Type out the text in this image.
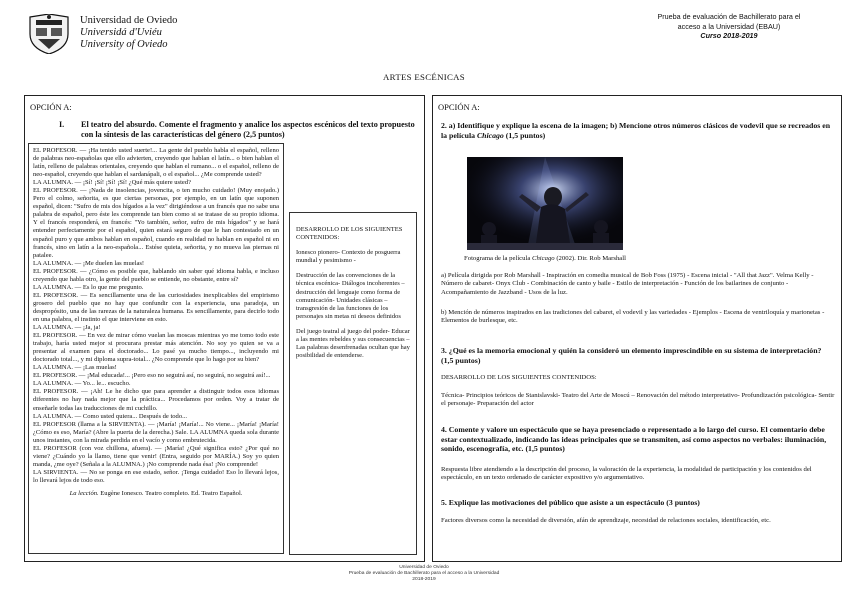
Universidad de Oviedo
Universidá d'Uviéu
University of Oviedo
Prueba de evaluación de Bachillerato para el
acceso a la Universidad (EBAU)
Curso 2018-2019
ARTES ESCÉNICAS
OPCIÓN A:
I. El teatro del absurdo. Comente el fragmento y analice los aspectos escénicos del texto propuesto con la síntesis de las características del género (2,5 puntos)

EL PROFESOR. — ¡Ha tenido usted suerte!... La gente del pueblo habla el español, relleno de palabras neo-españolas que ello advierten, creyendo que hablan el latín... o bien hablan el latín, relleno de palabras orientales, creyendo que hablan el rumano... o el español, relleno de neo-español, creyendo que hablan el sardanápali, o el español... ¿Me comprende usted?

LA ALUMNA. — ¡Sí! ¡Sí! ¡Sí! ¡Sí! ¿Qué más quiere usted?

EL PROFESOR. — ¡Nada de insolencias, jovencita, o ten mucho cuidado! (Muy enojado.) Pero el colmo, señorita, es que ciertas personas, por ejemplo, en un latín que suponen español, dicen: "Sufro de mis dos hígados a la vez" dirigiéndose a un francés que no sabe una palabra de español, pero éste les comprende tan bien como si se tratase de su propio idioma. Y el francés responderá, en francés: "Yo también, señor, sufro de mis hígados" y se hará entender perfectamente por el español, quien estará seguro de que le han contestado en un español puro y que ambos hablan en español, cuando en realidad no hablan en español ni en francés, sino en latín a la neo-española... Estése quieta, señorita, y no mueva las piernas ni patalee.

LA ALUMNA. — ¡Me duelen las muelas!

EL PROFESOR. — ¿Cómo es posible que, hablando sin saber qué idioma habla, e incluso creyendo que habla otro, la gente del pueblo se entiende, no obstante, entre sí?

LA ALUMNA. — Es lo que me pregunto.

EL PROFESOR. — Es sencillamente una de las curiosidades inexplicables del empirismo grosero del pueblo que no hay que confundir con la experiencia, una paradoja, un despropósito, una de las rarezas de la naturaleza humana. Es sencillamente, para decirlo todo en una palabra, el instinto el que interviene en esto.

LA ALUMNA. — ¡Ja, ja!

EL PROFESOR. — En vez de mirar cómo vuelan las moscas mientras yo me tomo todo este trabajo, haría usted mejor si procurara prestar más atención. No soy yo quien se va a presentar al examen para el doctorado... Lo pasé ya mucho tiempo..., incluyendo mi doctorado total..., y mi diploma supra-total... ¿No comprende que lo hago por su bien?

LA ALUMNA. — ¡Las muelas!

EL PROFESOR. — ¡Mal educada!... ¡Pero eso no seguirá así, no seguirá, no seguirá así!...

LA ALUMNA. — Yo... le... escucho.

EL PROFESOR. — ¡Ah! Le he dicho que para aprender a distinguir todos esos idiomas diferentes no hay nada mejor que la práctica... Procedamos por orden. Voy a tratar de enseñarle todas las traducciones de mi cuchillo.

LA ALUMNA. — Como usted quiera... Después de todo...

EL PROFESOR (llama a la SIRVIENTA). — ¡María! ¡María!... No viene... ¡María! ¡María! ¿Cómo es eso, María? (Abre la puerta de la derecha.) Sale. LA ALUMNA queda sola durante unos instantes, con la mirada perdida en el vacío y como embrutecida.

EL PROFESOR (con voz chillona, afuera). — ¡María! ¿Qué significa esto? ¿Por qué no viene? ¿Cuándo yo la llamo, tiene que venir! (Entra, seguido por MARÍA.) Soy yo quien manda, ¿me oye? (Señala a la ALUMNA.) ¡No comprende nada ésa! ¡No comprende!

LA SIRVIENTA. — No se ponga en ese estado, señor. ¡Tenga cuidado! Eso lo llevará lejos, lo llevará lejos de todo eso.

La lección. Eugène Ionesco. Teatro completo. Ed. Teatro Español.

DESARROLLO DE LOS SIGUIENTES CONTENIDOS:

Ionesco pionero- Contexto de posguerra mundial y pesimismo -

Destrucción de las convenciones de la técnica escénica- Diálogos incoherentes – destrucción del lenguaje como forma de comunicación- Unidades clásicas – transgresión de las funciones de los personajes sin metas ni deseos definidos

Del juego teatral al juego del poder- Educar a las mentes rebeldes y sus consecuencias – Las palabras desenfrenadas ocultan que hay posibilidad de entenderse.

OPCIÓN A:
2. a) Identifique y explique la escena de la imagen; b) Mencione otros números clásicos de vodevil que se recreados en la película Chicago (1,5 puntos)
Fotograma de la película Chicago (2002). Dir. Rob Marshall
a) Película dirigida por Rob Marshall - Inspiración en comedia musical de Bob Foss (1975) - Escena inicial - "All that Jazz". Velma Kelly - Número de cabaret- Onyx Club - Combinación de canto y baile - Estilo de interpretación - Función de los bailarines de conjunto - Acompañamiento de Jazzband - Usos de la luz.
b) Mención de números inspirados en las tradiciones del cabaret, el vodevil y las variedades - Ejemplos - Escena de ventriloquía y marionetas - Elementos de burlesque, etc.
3. ¿Qué es la memoria emocional y quién la consideró un elemento imprescindible en su sistema de interpretación? (1,5 puntos)
DESARROLLO DE LOS SIGUIENTES CONTENIDOS:
Técnica- Principios teóricos de Stanislavski- Teatro del Arte de Moscú – Renovación del método interpretativo- Profundización psicológica- Sentir el personaje- Preparación del actor
4. Comente y valore un espectáculo que se haya presenciado o representado a lo largo del curso. El comentario debe estar contextualizado, indicando las ideas principales que se transmiten, así como aspectos no verbales: iluminación, sonido, escenografía, etc. (1,5 puntos)
Respuesta libre atendiendo a la descripción del proceso, la valoración de la experiencia, la modalidad de participación y los contenidos del espectáculo, en un texto ordenado de carácter expositivo y/o argumentativo.
5. Explique las motivaciones del público que asiste a un espectáculo (3 puntos)
Factores diversos como la necesidad de diversión, afán de aprendizaje, necesidad de relaciones sociales, identificación, etc.
Universidad de Oviedo
Prueba de evaluación de Bachillerato para el acceso a la Universidad
2018-2019
